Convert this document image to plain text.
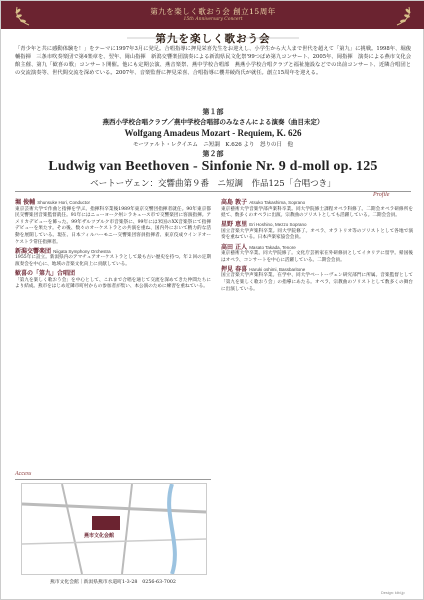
第九を楽しく歌おう会 創立15周年
15th Anniversary Concert
第九を楽しく歌おう会
「青少年と共に感動体験を！」をテーマに1997年3月に発足。合唱指導に押見栄喜先生をお迎えし、小学生から大人まで世代を超えて「第九」に挑戦。1998年、堀俊輔指揮　三条市吹奏楽団で第4楽章を、翌年、岡山指揮　新潟交響楽団演奏による新潟県民文化祭'99つばめ第九コンサート、2005年、岡指揮　演奏による燕市文化会館主催、第九「歓喜の歌」コンサート開催。他にも定期公演、燕音楽祭、燕中学校合唱部　燕燕小学校合唱クラブと福祉施設などでの出前コンサート、近隣合唱団との交流演奏等、世代間交流を深めている。2007年、音楽監督に押見栄喜、合唱指導に櫻井綾尚氏が就任。創立15周年を迎える。
第１部
燕西小学校合唱クラブ／燕中学校合唱部のみなさんによる演奏（曲目未定）
Wolfgang Amadeus Mozart - Requiem, K. 626
モーツァルト・レクイエム　ニ短調　K.626 より　怒りの日　他
第２部
Ludwig van Beethoven - Sinfonie Nr. 9 d-moll op. 125
ベートーヴェン：交響曲第９番　ニ短調　作品125「合唱つき」
Profile
堀 俊輔 Shunsuke Hori, Conductor
東京芸術大学で作曲と指揮を学ぶ。指揮科卒業後1989年東京交響団指揮者就任。90年東京都民交響楽団音楽監督就任。91年にはニューヨーク州シラキュース市で交響楽団に客演指揮。アメリカデビューを飾った。99年ザルツブルク市音楽祭に、99年には米国のXX音楽祭にて指揮デビューを果たす。その後、数々のオーケストラとの共演を重ね、国内外において精力的な活動を展開している。現在、日本フィルハーモニー交響楽団客員指揮者、東京佼成ウインドオーケストラ常任指揮者。
新潟交響楽団 Niigata Symphony Orchestra
1955年に設立。新潟県内のアマチュアオーケストラとして最も古い歴史を持つ。年２回の定期演奏会を中心に、地域の音楽文化向上に貢献している。
歓喜の「第九」合唱団
「第九を楽しく歌おう会」を中心として、これまで合唱を通じて交流を深めてきた仲間たちにより結成。燕市をはじめ近隣市町村からの参加者が集い、本公演のために練習を重ねている。
高島 敦子 Atsuko Takashima, Soprano
東京藝術大学音楽学部声楽科卒業。同大学院修士課程オペラ科修了。二期会オペラ研修所を経て、数多くのオペラに出演。宗教曲のソリストとしても活躍している。二期会会員。
星野 恵里 Eri Hoshino, Mezzo Soprano
国立音楽大学声楽科卒業。同大学院修了。オペラ、オラトリオ等のソリストとして各地で演奏を重ねている。日本声楽家協会会員。
高田 正人 Masato Takada, Tenore
東京藝術大学卒業。同大学院修了。文化庁芸術家在外研修員としてイタリアに留学。帰国後はオペラ、コンサートを中心に活躍している。二期会会員。
押見 春喜 Haruki oshimi, Bassbaritone
国立音楽大学声楽科卒業。在学中、同大学ベートーヴェン研究部門に所属。音楽監督として「第九を楽しく歌おう会」の指導にあたる。オペラ、宗教曲のソリストとして数多くの舞台に出演している。
Access
燕市文化会館
燕市文化会館｜新潟県燕市水道町1-3-28　0256-63-7002
Design: kibi.jp
